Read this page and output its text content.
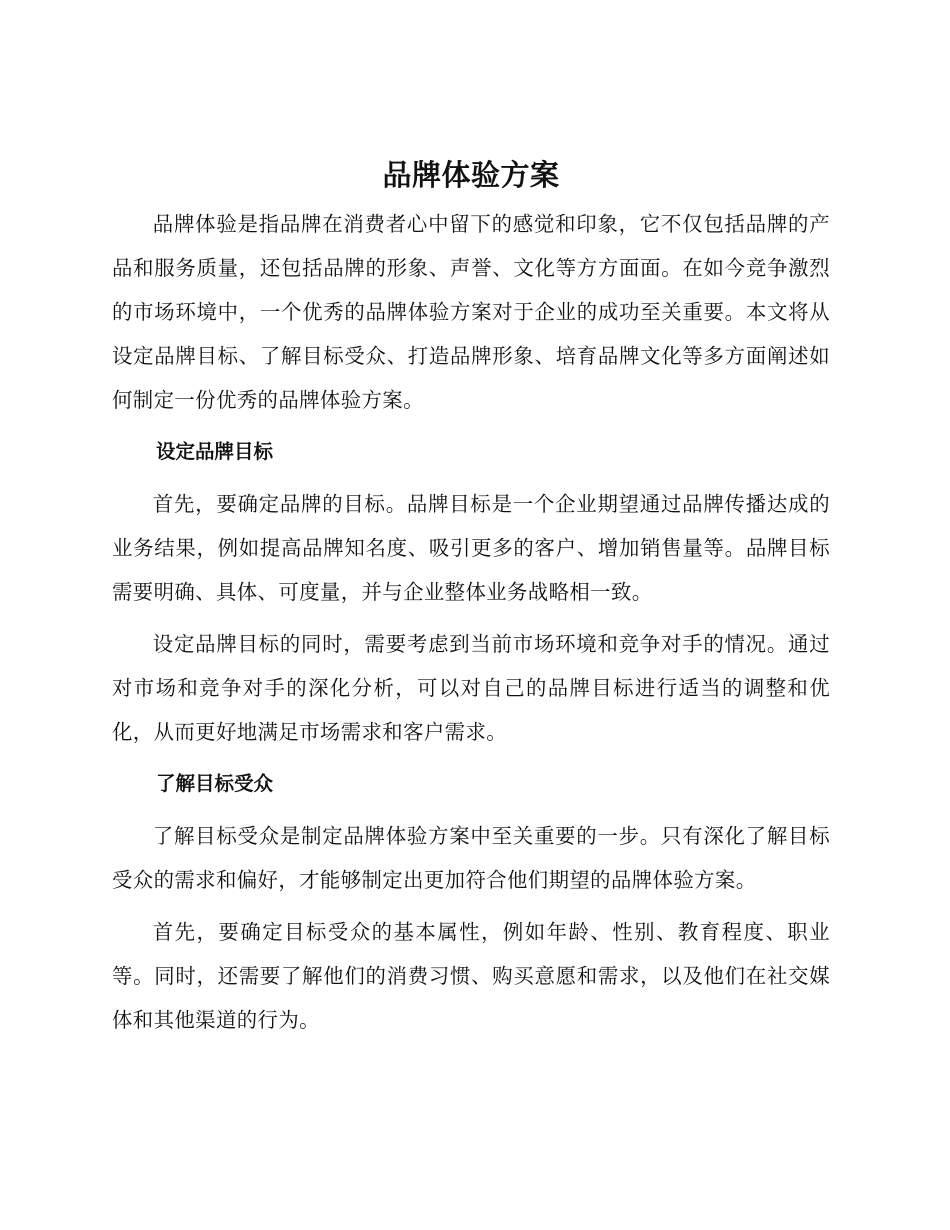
品牌体验方案

品牌体验是指品牌在消费者心中留下的感觉和印象，它不仅包括品牌的产品和服务质量，还包括品牌的形象、声誉、文化等方方面面。在如今竞争激烈的市场环境中，一个优秀的品牌体验方案对于企业的成功至关重要。本文将从设定品牌目标、了解目标受众、打造品牌形象、培育品牌文化等多方面阐述如何制定一份优秀的品牌体验方案。

设定品牌目标

首先，要确定品牌的目标。品牌目标是一个企业期望通过品牌传播达成的业务结果，例如提高品牌知名度、吸引更多的客户、增加销售量等。品牌目标需要明确、具体、可度量，并与企业整体业务战略相一致。

设定品牌目标的同时，需要考虑到当前市场环境和竞争对手的情况。通过对市场和竞争对手的深化分析，可以对自己的品牌目标进行适当的调整和优化，从而更好地满足市场需求和客户需求。

了解目标受众

了解目标受众是制定品牌体验方案中至关重要的一步。只有深化了解目标受众的需求和偏好，才能够制定出更加符合他们期望的品牌体验方案。

首先，要确定目标受众的基本属性，例如年龄、性别、教育程度、职业等。同时，还需要了解他们的消费习惯、购买意愿和需求，以及他们在社交媒体和其他渠道的行为。
